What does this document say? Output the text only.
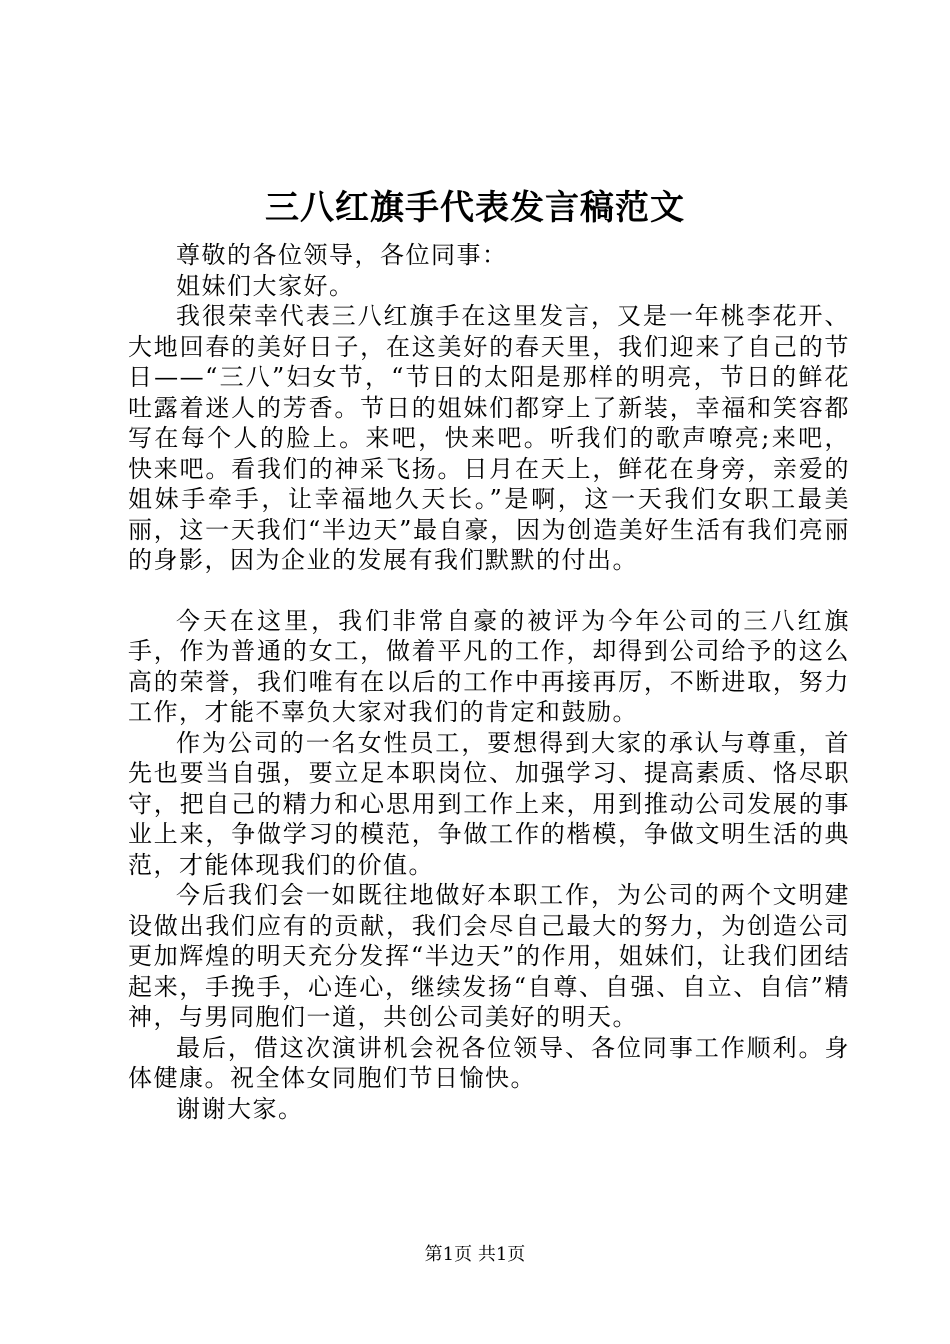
三八红旗手代表发言稿范文

尊敬的各位领导，各位同事：

姐妹们大家好。

我很荣幸代表三八红旗手在这里发言，又是一年桃李花开、大地回春的美好日子，在这美好的春天里，我们迎来了自己的节日——“三八”妇女节，“节日的太阳是那样的明亮，节日的鲜花吐露着迷人的芳香。节日的姐妹们都穿上了新装，幸福和笑容都写在每个人的脸上。来吧，快来吧。听我们的歌声嘹亮;来吧，快来吧。看我们的神采飞扬。日月在天上，鲜花在身旁，亲爱的姐妹手牵手，让幸福地久天长。”是啊，这一天我们女职工最美丽，这一天我们“半边天”最自豪，因为创造美好生活有我们亮丽的身影，因为企业的发展有我们默默的付出。

今天在这里，我们非常自豪的被评为今年公司的三八红旗手，作为普通的女工，做着平凡的工作，却得到公司给予的这么高的荣誉，我们唯有在以后的工作中再接再厉，不断进取，努力工作，才能不辜负大家对我们的肯定和鼓励。

作为公司的一名女性员工，要想得到大家的承认与尊重，首先也要当自强，要立足本职岗位、加强学习、提高素质、恪尽职守，把自己的精力和心思用到工作上来，用到推动公司发展的事业上来，争做学习的模范，争做工作的楷模，争做文明生活的典范，才能体现我们的价值。

今后我们会一如既往地做好本职工作，为公司的两个文明建设做出我们应有的贡献，我们会尽自己最大的努力，为创造公司更加辉煌的明天充分发挥“半边天”的作用，姐妹们，让我们团结起来，手挽手，心连心，继续发扬“自尊、自强、自立、自信”精神，与男同胞们一道，共创公司美好的明天。

最后，借这次演讲机会祝各位领导、各位同事工作顺利。身体健康。祝全体女同胞们节日愉快。

谢谢大家。

第1页 共1页
